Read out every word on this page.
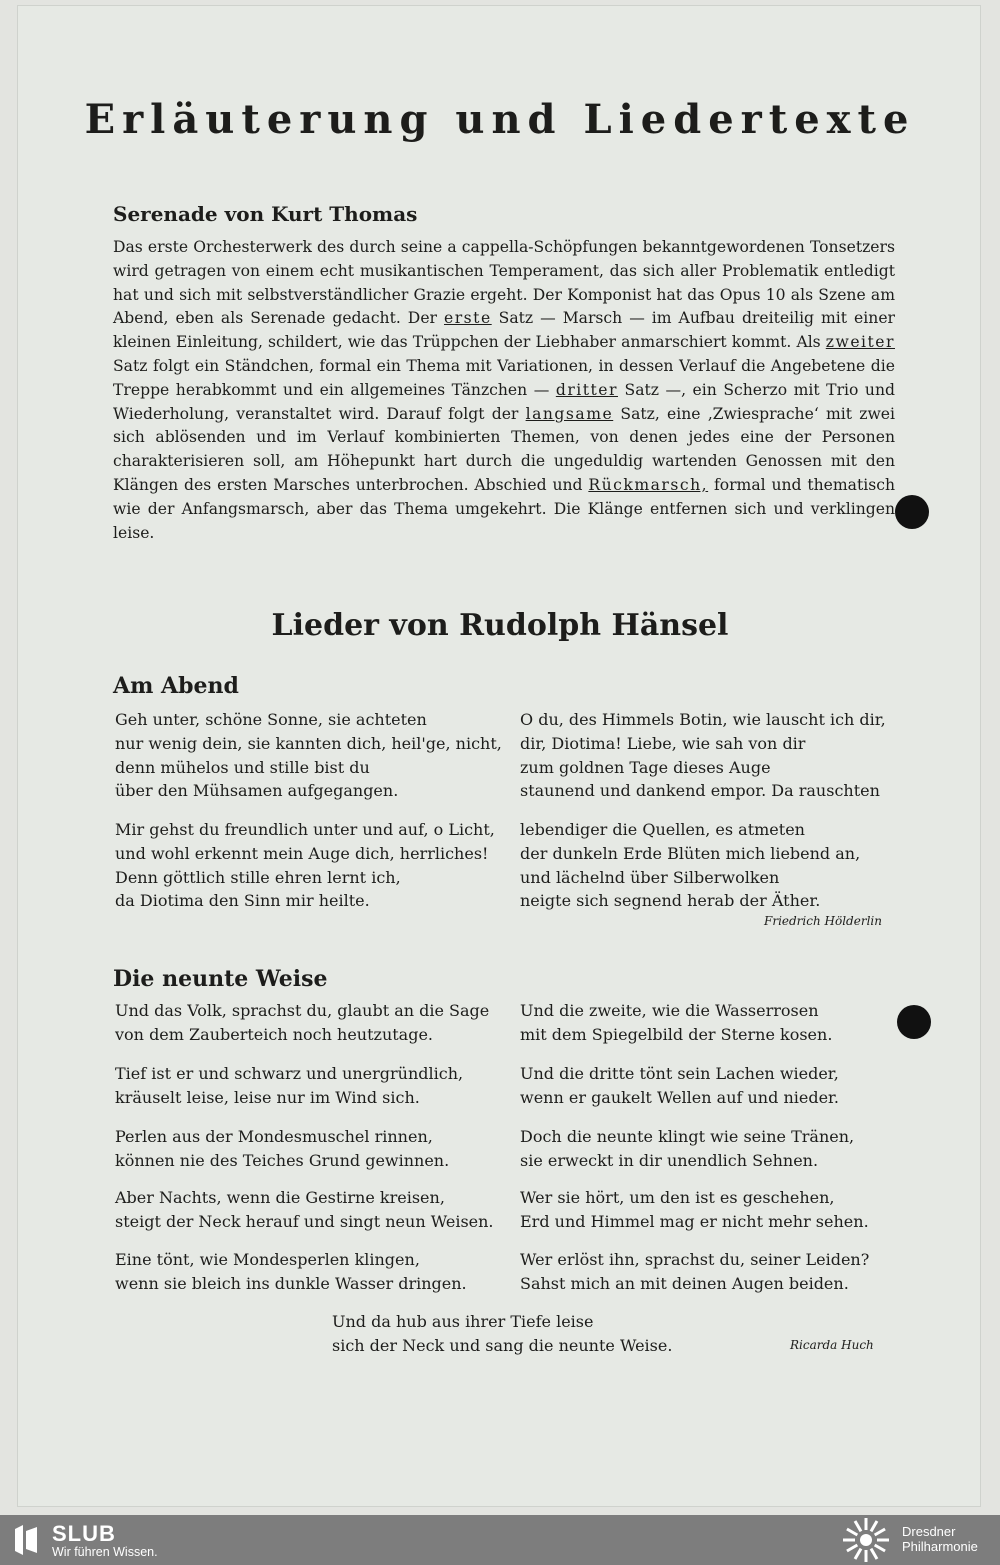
Erläuterung und Liedertexte
Serenade von Kurt Thomas

Das erste Orchesterwerk des durch seine a cappella-Schöpfungen bekanntgewordenen Tonsetzers wird getragen von einem echt musikantischen Temperament, das sich aller Problematik entledigt hat und sich mit selbstverständlicher Grazie ergeht. Der Komponist hat das Opus 10 als Szene am Abend, eben als Serenade gedacht. Der erste Satz — Marsch — im Aufbau dreiteilig mit einer kleinen Einleitung, schildert, wie das Trüppchen der Liebhaber anmarschiert kommt. Als zweiter Satz folgt ein Ständchen, formal ein Thema mit Variationen, in dessen Verlauf die Angebetene die Treppe herabkommt und ein allgemeines Tänzchen — dritter Satz —, ein Scherzo mit Trio und Wiederholung, veranstaltet wird. Darauf folgt der langsame Satz, eine ‚Zwiesprache‘ mit zwei sich ablösenden und im Verlauf kombinierten Themen, von denen jedes eine der Personen charakterisieren soll, am Höhepunkt hart durch die ungeduldig wartenden Genossen mit den Klängen des ersten Marsches unterbrochen. Abschied und Rückmarsch, formal und thematisch wie der Anfangsmarsch, aber das Thema umgekehrt. Die Klänge entfernen sich und verklingen leise.

Lieder von Rudolph Hänsel
Am Abend
Geh unter, schöne Sonne, sie achteten
nur wenig dein, sie kannten dich, heil'ge, nicht,
denn mühelos und stille bist du
über den Mühsamen aufgegangen.
Mir gehst du freundlich unter und auf, o Licht,
und wohl erkennt mein Auge dich, herrliches!
Denn göttlich stille ehren lernt ich,
da Diotima den Sinn mir heilte.
O du, des Himmels Botin, wie lauscht ich dir,
dir, Diotima! Liebe, wie sah von dir
zum goldnen Tage dieses Auge
staunend und dankend empor. Da rauschten
lebendiger die Quellen, es atmeten
der dunkeln Erde Blüten mich liebend an,
und lächelnd über Silberwolken
neigte sich segnend herab der Äther.
Friedrich Hölderlin
Die neunte Weise
Und das Volk, sprachst du, glaubt an die Sage
von dem Zauberteich noch heutzutage.
Tief ist er und schwarz und unergründlich,
kräuselt leise, leise nur im Wind sich.
Perlen aus der Mondesmuschel rinnen,
können nie des Teiches Grund gewinnen.
Aber Nachts, wenn die Gestirne kreisen,
steigt der Neck herauf und singt neun Weisen.
Eine tönt, wie Mondesperlen klingen,
wenn sie bleich ins dunkle Wasser dringen.
Und die zweite, wie die Wasserrosen
mit dem Spiegelbild der Sterne kosen.
Und die dritte tönt sein Lachen wieder,
wenn er gaukelt Wellen auf und nieder.
Doch die neunte klingt wie seine Tränen,
sie erweckt in dir unendlich Sehnen.
Wer sie hört, um den ist es geschehen,
Erd und Himmel mag er nicht mehr sehen.
Wer erlöst ihn, sprachst du, seiner Leiden?
Sahst mich an mit deinen Augen beiden.
Und da hub aus ihrer Tiefe leise
sich der Neck und sang die neunte Weise.	Ricarda Huch
SLUB
Wir führen Wissen.
Dresdner
Philharmonie
